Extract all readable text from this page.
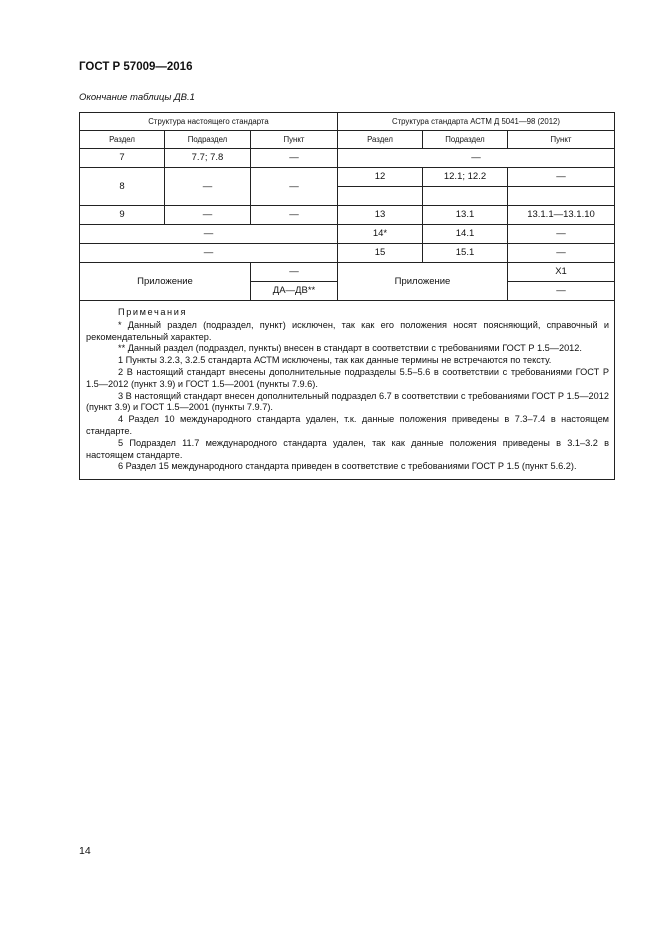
ГОСТ Р 57009—2016
Окончание таблицы ДВ.1
Структура настоящего стандарта			Структура стандарта АСТМ Д 5041—98 (2012)		
Раздел	Подраздел	Пункт	Раздел	Подраздел	Пункт
7	7.7; 7.8	—	—		
8	—	—	12	12.1; 12.2	—

9	—	—	13	13.1	13.1.1—13.1.10
—			14*	14.1	—
—			15	15.1	—
Приложение		—	Приложение		Х1
		ДА—ДВ**			—
Примечания

* Данный раздел (подраздел, пункт) исключен, так как его положения носят поясняющий, справочный и рекомендательный характер.

** Данный раздел (подраздел, пункты) внесен в стандарт в соответствии с требованиями ГОСТ Р 1.5—2012.

1 Пункты 3.2.3, 3.2.5 стандарта АСТМ исключены, так как данные термины не встречаются по тексту.

2 В настоящий стандарт внесены дополнительные подразделы 5.5–5.6 в соответствии с требованиями ГОСТ Р 1.5—2012 (пункт 3.9) и ГОСТ 1.5—2001 (пункты 7.9.6).

3 В настоящий стандарт внесен дополнительный подраздел 6.7 в соответствии с требованиями ГОСТ Р 1.5—2012 (пункт 3.9) и ГОСТ 1.5—2001 (пункты 7.9.7).

4 Раздел 10 международного стандарта удален, т.к. данные положения приведены в 7.3–7.4 в настоящем стандарте.

5 Подраздел 11.7 международного стандарта удален, так как данные положения приведены в 3.1–3.2 в настоящем стандарте.

6 Раздел 15 международного стандарта приведен в соответствие с требованиями ГОСТ Р 1.5 (пункт 5.6.2).

14
